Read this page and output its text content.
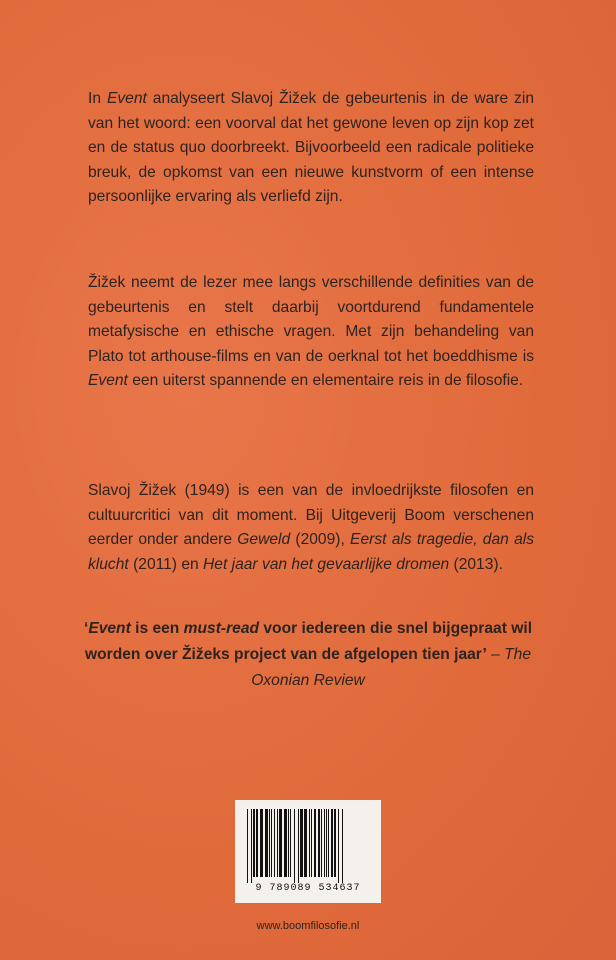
In Event analyseert Slavoj Žižek de gebeurtenis in de ware zin van het woord: een voorval dat het gewone leven op zijn kop zet en de status quo doorbreekt. Bijvoorbeeld een radicale politieke breuk, de opkomst van een nieuwe kunstvorm of een intense persoonlijke ervaring als verliefd zijn.

Žižek neemt de lezer mee langs verschillende definities van de gebeurtenis en stelt daarbij voortdurend fundamentele metafysische en ethische vragen. Met zijn behandeling van Plato tot arthouse-films en van de oerknal tot het boeddhisme is Event een uiterst spannende en elementaire reis in de filosofie.

Slavoj Žižek (1949) is een van de invloedrijkste filosofen en cultuurcritici van dit moment. Bij Uitgeverij Boom verschenen eerder onder andere Geweld (2009), Eerst als tragedie, dan als klucht (2011) en Het jaar van het gevaarlijke dromen (2013).

‘Event is een must-read voor iedereen die snel bijgepraat wil worden over Žižeks project van de afgelopen tien jaar’ – The Oxonian Review

9 789089 534637
www.boomfilosofie.nl
